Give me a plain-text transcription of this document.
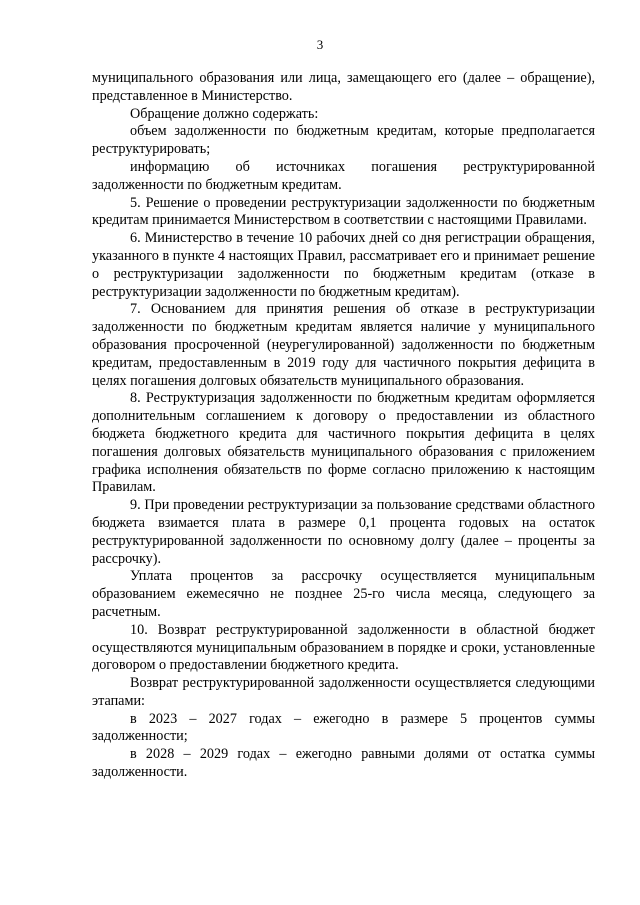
3

муниципального образования или лица, замещающего его (далее – обращение), представленное в Министерство.

Обращение должно содержать:

объем задолженности по бюджетным кредитам, которые предполагается реструктурировать;

информацию об источниках погашения реструктурированной задолженности по бюджетным кредитам.

5. Решение о проведении реструктуризации задолженности по бюджетным кредитам принимается Министерством в соответствии с настоящими Правилами.

6. Министерство в течение 10 рабочих дней со дня регистрации обращения, указанного в пункте 4 настоящих Правил, рассматривает его и принимает решение о реструктуризации задолженности по бюджетным кредитам (отказе в реструктуризации задолженности по бюджетным кредитам).

7. Основанием для принятия решения об отказе в реструктуризации задолженности по бюджетным кредитам является наличие у муниципального образования просроченной (неурегулированной) задолженности по бюджетным кредитам, предоставленным в 2019 году для частичного покрытия дефицита в целях погашения долговых обязательств муниципального образования.

8. Реструктуризация задолженности по бюджетным кредитам оформляется дополнительным соглашением к договору о предоставлении из областного бюджета бюджетного кредита для частичного покрытия дефицита в целях погашения долговых обязательств муниципального образования с приложением графика исполнения обязательств по форме согласно приложению к настоящим Правилам.

9. При проведении реструктуризации за пользование средствами областного бюджета взимается плата в размере 0,1 процента годовых на остаток реструктурированной задолженности по основному долгу (далее – проценты за рассрочку).

Уплата процентов за рассрочку осуществляется муниципальным образованием ежемесячно не позднее 25-го числа месяца, следующего за расчетным.

10. Возврат реструктурированной задолженности в областной бюджет осуществляются муниципальным образованием в порядке и сроки, установленные договором о предоставлении бюджетного кредита.

Возврат реструктурированной задолженности осуществляется следующими этапами:

в 2023 – 2027 годах – ежегодно в размере 5 процентов суммы задолженности;

в 2028 – 2029 годах – ежегодно равными долями от остатка суммы задолженности.
